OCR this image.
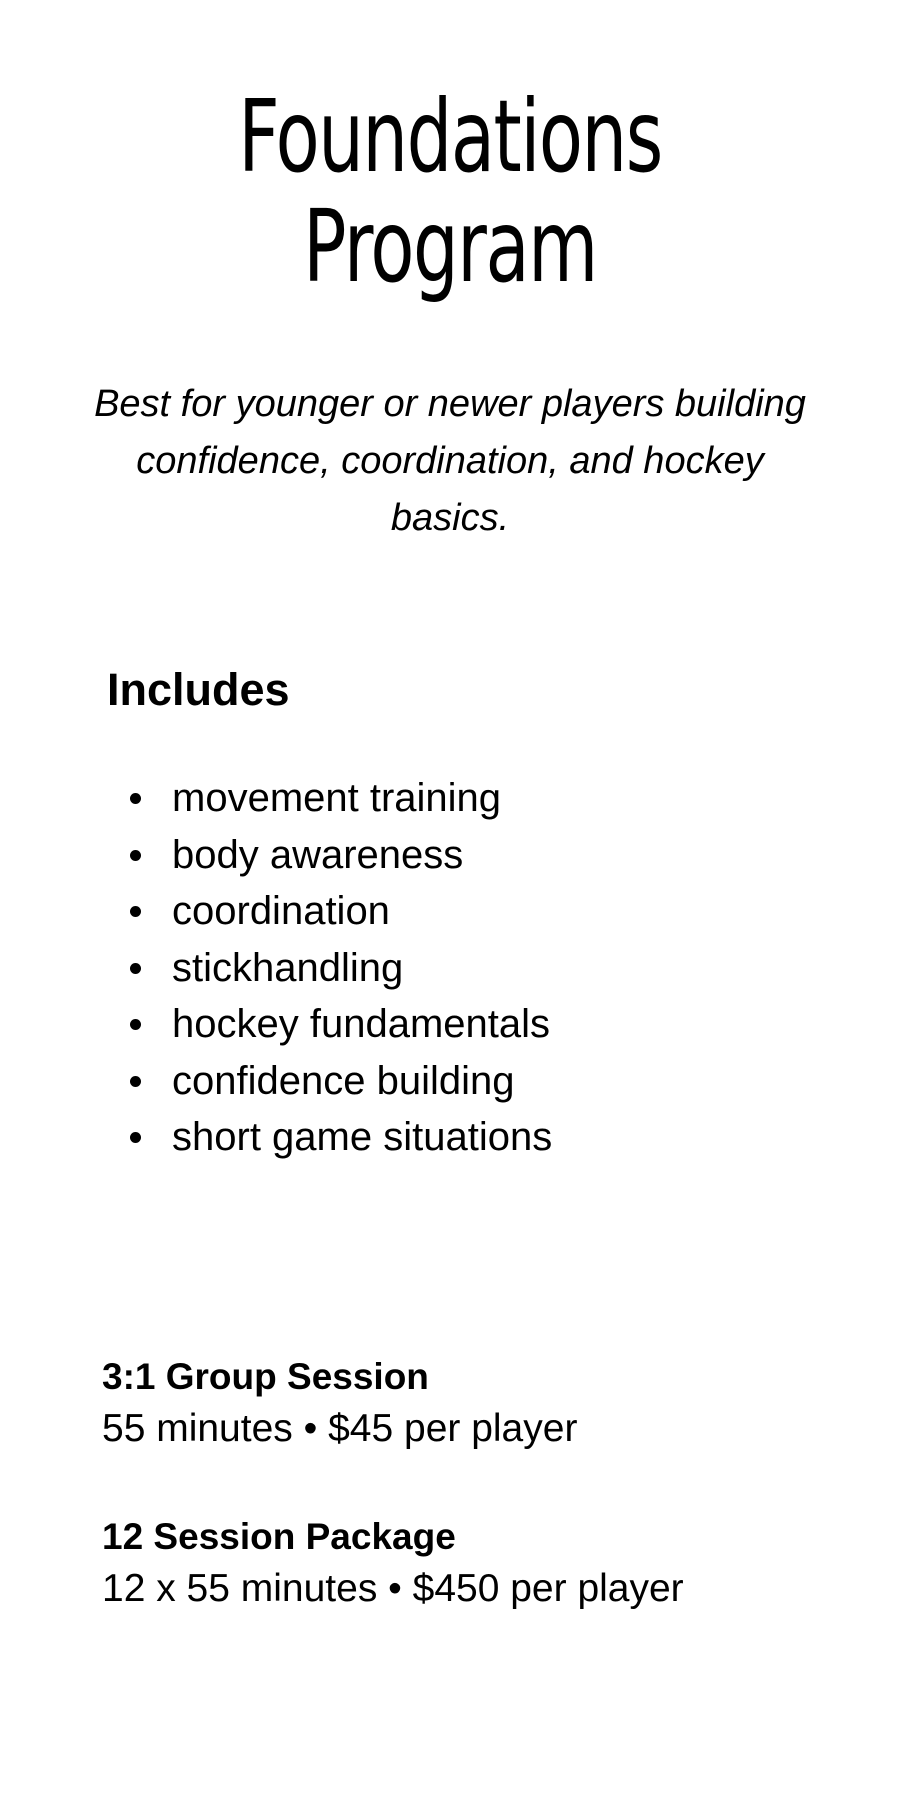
Foundations
Program

Best for younger or newer players building confidence, coordination, and hockey basics.

Includes
movement training
body awareness
coordination
stickhandling
hockey fundamentals
confidence building
short game situations
3:1 Group Session
55 minutes • $45 per player
12 Session Package
12 x 55 minutes • $450 per player
